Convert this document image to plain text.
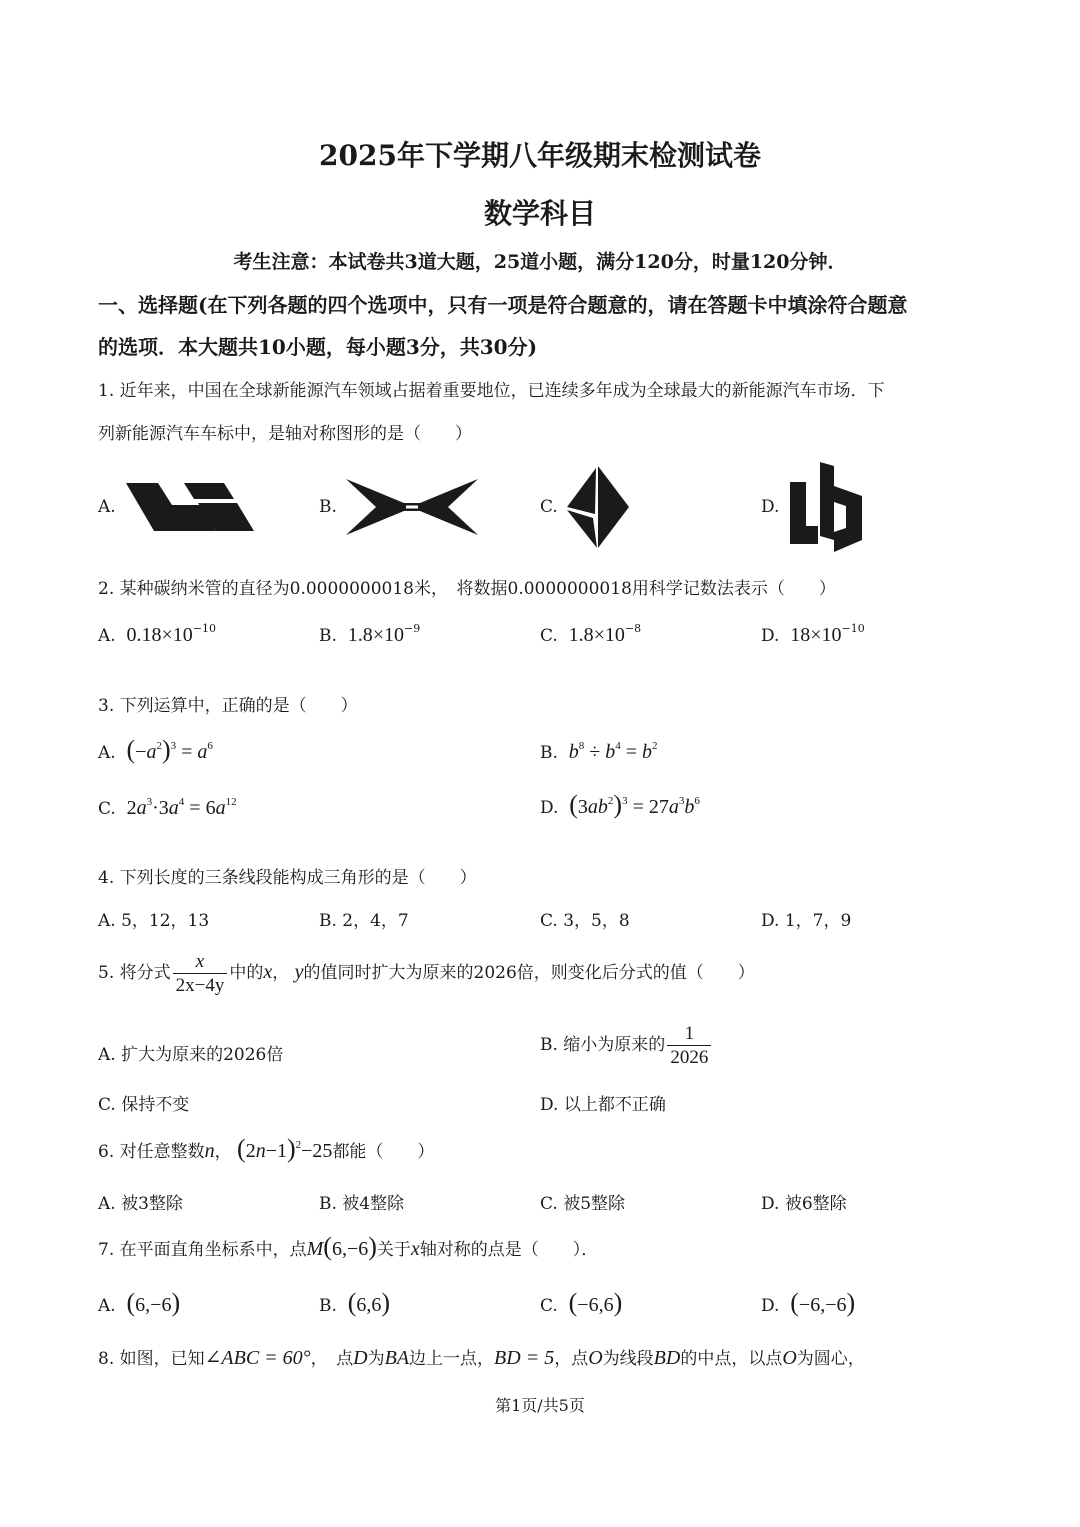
2025年下学期八年级期末检测试卷
数学科目
考生注意：本试卷共3道大题，25道小题，满分120分，时量120分钟．
一、选择题(在下列各题的四个选项中，只有一项是符合题意的，请在答题卡中填涂符合题意
的选项．本大题共10小题，每小题3分，共30分)
1. 近年来，中国在全球新能源汽车领域占据着重要地位，已连续多年成为全球最大的新能源汽车市场．下
列新能源汽车车标中，是轴对称图形的是（　　）
A.	B.	C.	D.
2. 某种碳纳米管的直径为0.0000000018米，　将数据0.0000000018用科学记数法表示（　　）
A. $0.18\times 10^{-10}$	B. $1.8\times 10^{-9}$	C. $1.8\times 10^{-8}$	D. $18\times 10^{-10}$
3. 下列运算中，正确的是（　　）
A. $(-a^2)^3 = a^6$	B. $b^8 \div b^4 = b^2$
C. $2a^3\cdot 3a^4 = 6a^{12}$	D. $(3ab^2)^3 = 27a^3b^6$
4. 下列长度的三条线段能构成三角形的是（　　）
A. 5，12，13	B. 2，4，7	C. 3，5，8	D. 1，7，9
5. 将分式 $\frac{x}{2x-4y}$ 中的x， y的值同时扩大为原来的2026倍，则变化后分式的值（　　）
A. 扩大为原来的2026倍	B. 缩小为原来的 $\frac{1}{2026}$
C. 保持不变	D. 以上都不正确
6. 对任意整数n， $(2n-1)^2-25$都能（　　）
A. 被3整除	B. 被4整除	C. 被5整除	D. 被6整除
7. 在平面直角坐标系中，点M(6,−6)关于x轴对称的点是（　　）．
A. (6,−6)	B. (6,6)	C. (−6,6)	D. (−6,−6)
8. 如图，已知∠ABC = 60°，　点D为BA边上一点，BD = 5，点O为线段BD的中点，以点O为圆心，
第1页/共5页
